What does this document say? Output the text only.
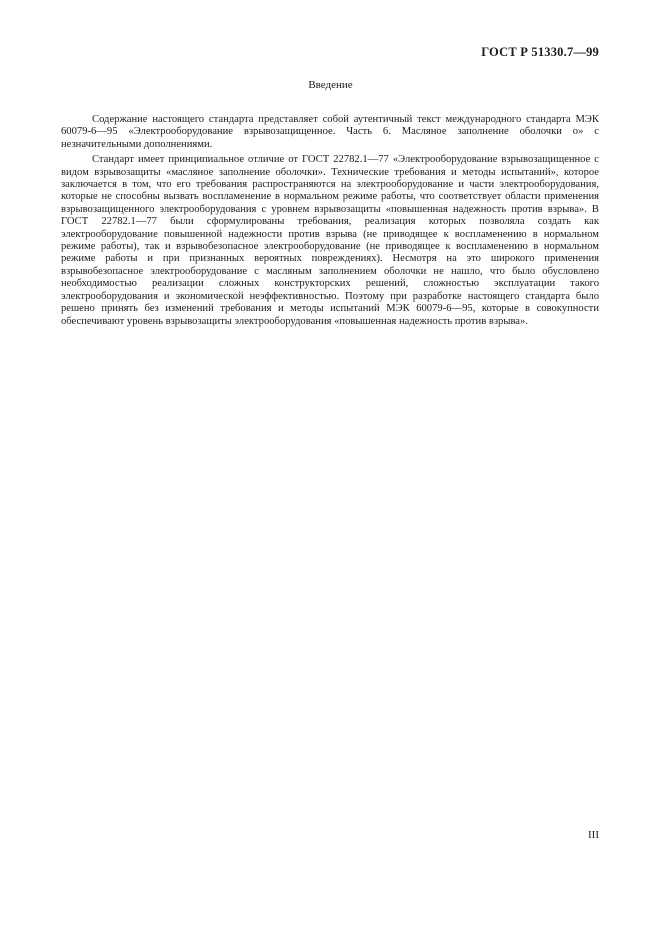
ГОСТ Р 51330.7—99
Введение

Содержание настоящего стандарта представляет собой аутентичный текст международного стандарта МЭК 60079-6—95 «Электрооборудование взрывозащищенное. Часть 6. Масляное заполнение оболочки о» с незначительными дополнениями.

Стандарт имеет принципиальное отличие от ГОСТ 22782.1—77 «Электрооборудование взрывозащищенное с видом взрывозащиты «масляное заполнение оболочки». Технические требования и методы испытаний», которое заключается в том, что его требования распространяются на электрооборудование и части электрооборудования, которые не способны вызвать воспламенение в нормальном режиме работы, что соответствует области применения взрывозащищенного электрооборудования с уровнем взрывозащиты «повышенная надежность против взрыва». В ГОСТ 22782.1—77 были сформулированы требования, реализация которых позволяла создать как электрооборудование повышенной надежности против взрыва (не приводящее к воспламенению в нормальном режиме работы), так и взрывобезопасное электрооборудование (не приводящее к воспламенению в нормальном режиме работы и при признанных вероятных повреждениях). Несмотря на это широкого применения взрывобезопасное электрооборудование с масляным заполнением оболочки не нашло, что было обусловлено необходимостью реализации сложных конструкторских решений, сложностью эксплуатации такого электрооборудования и экономической неэффективностью. Поэтому при разработке настоящего стандарта было решено принять без изменений требования и методы испытаний МЭК 60079-6—95, которые в совокупности обеспечивают уровень взрывозащиты электрооборудования «повышенная надежность против взрыва».

III
